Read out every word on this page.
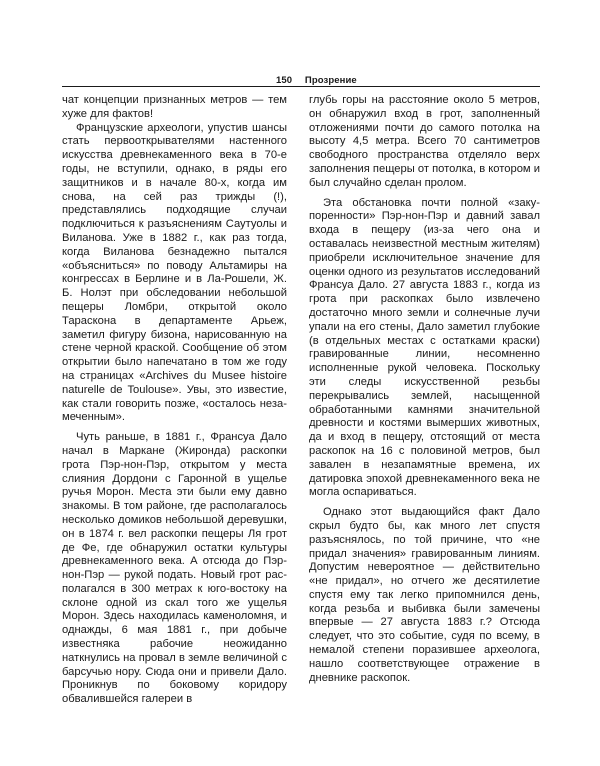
150 Прозрение

чат концепции признанных метров — тем хуже для фактов!

Французские археологи, упустив шансы стать первооткрывателями настенного искусства древнекаменного века в 70-е годы, не вступили, однако, в ряды его защитников и в начале 80-х, когда им снова, на сей раз трижды (!), представлялись подходящие случаи подключиться к разъяснениям Саутуолы и Виланова. Уже в 1882 г., как раз тогда, когда Виланова безнадежно пытался «объясниться» по поводу Альтамиры на конгрессах в Берлине и в Ла-Рошели, Ж. Б. Нолэт при обследовании небольшой пещеры Ломбри, открытой около Тараскона в департаменте Арьеж, заметил фигуру бизона, нарисованную на стене черной краской. Сообщение об этом открытии было напечатано в том же году на страницах «Archives du Musee histoire naturelle de Toulouse». Увы, это известие, как стали говорить позже, «осталось незамеченным».

Чуть раньше, в 1881 г., Франсуа Дало начал в Маркане (Жиронда) раскопки грота Пэр-нон-Пэр, открытом у места слияния Дордони с Гаронной в ущелье ручья Морон. Места эти были ему давно знакомы. В том районе, где располагалось несколько домиков небольшой деревушки, он в 1874 г. вел раскопки пещеры Ля грот де Фе, где обнаружил остатки культуры древнекаменного века. А отсюда до Пэр-нон-Пэр — рукой подать. Новый грот располагался в 300 метрах к юго-востоку на склоне одной из скал того же ущелья Морон. Здесь находилась каменоломня, и однажды, 6 мая 1881 г., при добыче известняка рабочие неожиданно наткнулись на провал в земле величиной с барсучью нору. Сюда они и привели Дало. Проникнув по боковому коридору обвалившейся галереи в

глубь горы на расстояние около 5 метров, он обнаружил вход в грот, заполненный отложениями почти до самого потолка на высоту 4,5 метра. Всего 70 сантиметров свободного пространства отделяло верх заполнения пещеры от потолка, в котором и был случайно сделан пролом.

Эта обстановка почти полной «закупоренности» Пэр-нон-Пэр и давний завал входа в пещеру (из-за чего она и оставалась неизвестной местным жителям) приобрели исключительное значение для оценки одного из результатов исследований Франсуа Дало. 27 августа 1883 г., когда из грота при раскопках было извлечено достаточно много земли и солнечные лучи упали на его стены, Дало заметил глубокие (в отдельных местах с остатками краски) гравированные линии, несомненно исполненные рукой человека. Поскольку эти следы искусственной резьбы перекрывались землей, насыщенной обработанными камнями значительной древности и костями вымерших животных, да и вход в пещеру, отстоящий от места раскопок на 16 с половиной метров, был завален в незапамятные времена, их датировка эпохой древнекаменного века не могла оспариваться.

Однако этот выдающийся факт Дало скрыл будто бы, как много лет спустя разъяснялось, по той причине, что «не придал значения» гравированным линиям. Допустим невероятное — действительно «не придал», но отчего же десятилетие спустя ему так легко припомнился день, когда резьба и выбивка были замечены впервые — 27 августа 1883 г.? Отсюда следует, что это событие, судя по всему, в немалой степени поразившее археолога, нашло соответствующее отражение в дневнике раскопок.
